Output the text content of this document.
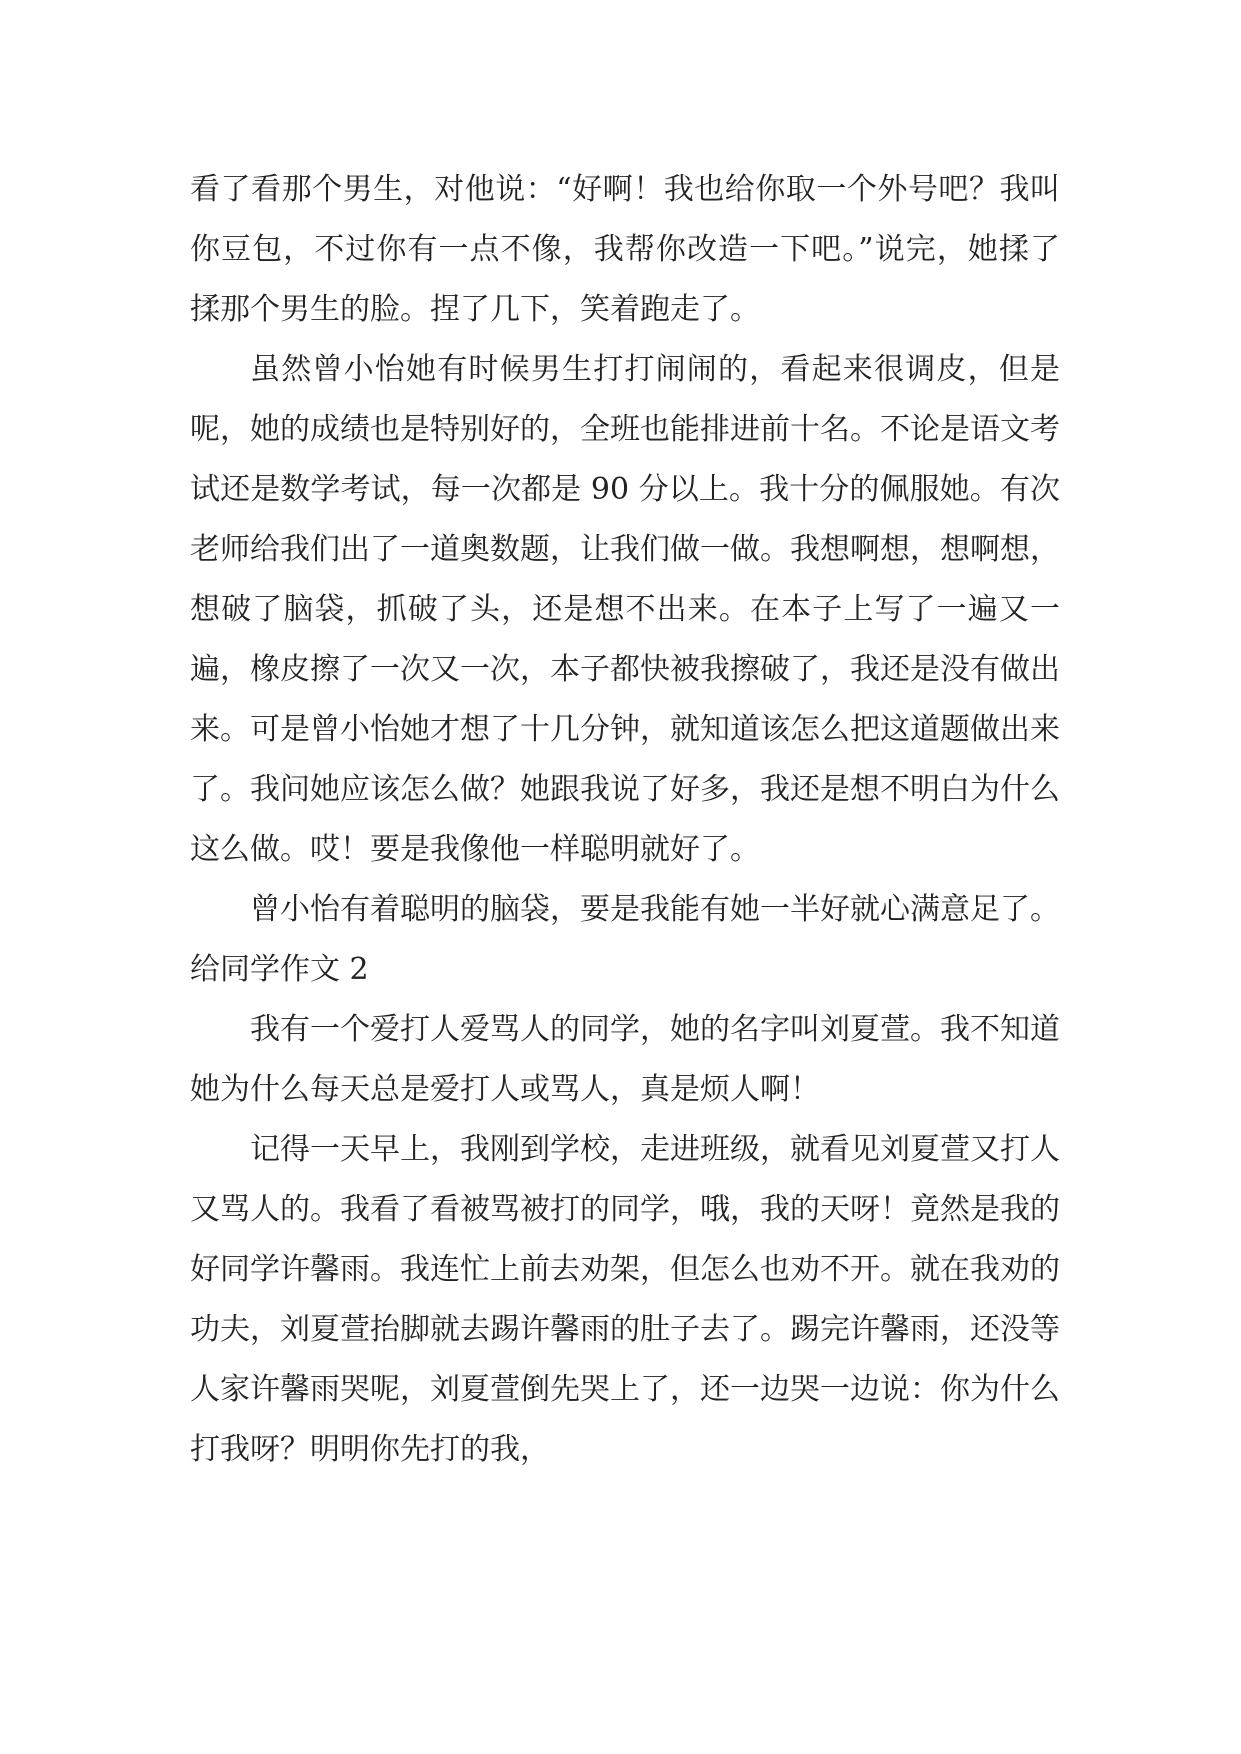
看了看那个男生，对他说：“好啊！我也给你取一个外号吧？我叫你豆包，不过你有一点不像，我帮你改造一下吧。”说完，她揉了揉那个男生的脸。捏了几下，笑着跑走了。

虽然曾小怡她有时候男生打打闹闹的，看起来很调皮，但是呢，她的成绩也是特别好的，全班也能排进前十名。不论是语文考试还是数学考试，每一次都是 90 分以上。我十分的佩服她。有次老师给我们出了一道奥数题，让我们做一做。我想啊想，想啊想，想破了脑袋，抓破了头，还是想不出来。在本子上写了一遍又一遍，橡皮擦了一次又一次，本子都快被我擦破了，我还是没有做出来。可是曾小怡她才想了十几分钟，就知道该怎么把这道题做出来了。我问她应该怎么做？她跟我说了好多，我还是想不明白为什么这么做。哎！要是我像他一样聪明就好了。

曾小怡有着聪明的脑袋，要是我能有她一半好就心满意足了。

给同学作文 2

我有一个爱打人爱骂人的同学，她的名字叫刘夏萱。我不知道她为什么每天总是爱打人或骂人，真是烦人啊！

记得一天早上，我刚到学校，走进班级，就看见刘夏萱又打人又骂人的。我看了看被骂被打的同学，哦，我的天呀！竟然是我的好同学许馨雨。我连忙上前去劝架，但怎么也劝不开。就在我劝的功夫，刘夏萱抬脚就去踢许馨雨的肚子去了。踢完许馨雨，还没等人家许馨雨哭呢，刘夏萱倒先哭上了，还一边哭一边说：你为什么打我呀？明明你先打的我，
